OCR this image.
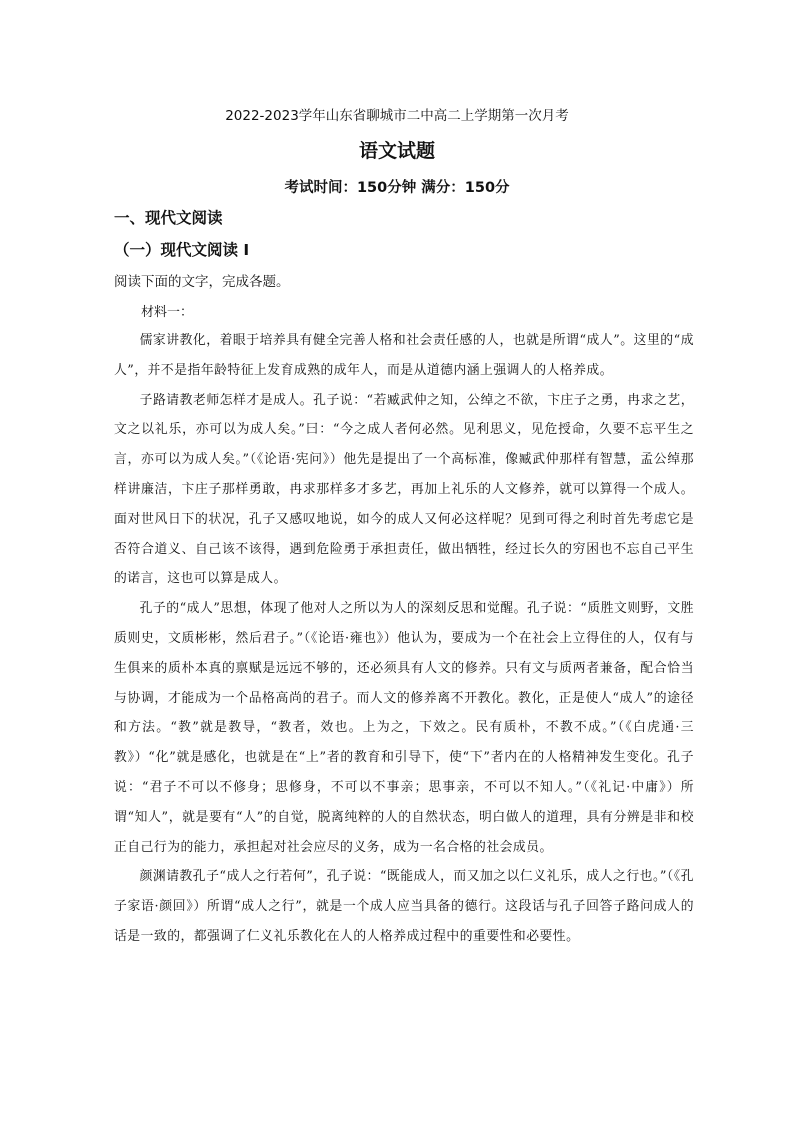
2022-2023学年山东省聊城市二中高二上学期第一次月考
语文试题
考试时间：150分钟 满分：150分
一、现代文阅读
（一）现代文阅读 I
阅读下面的文字，完成各题。
材料一：

儒家讲教化，着眼于培养具有健全完善人格和社会责任感的人，也就是所谓“成人”。这里的“成人”，并不是指年龄特征上发育成熟的成年人，而是从道德内涵上强调人的人格养成。

子路请教老师怎样才是成人。孔子说：“若臧武仲之知，公绰之不欲，卞庄子之勇，冉求之艺，文之以礼乐，亦可以为成人矣。”曰：“今之成人者何必然。见利思义，见危授命，久要不忘平生之言，亦可以为成人矣。”（《论语·宪问》）他先是提出了一个高标准，像臧武仲那样有智慧，孟公绰那样讲廉洁，卞庄子那样勇敢，冉求那样多才多艺，再加上礼乐的人文修养，就可以算得一个成人。面对世风日下的状况，孔子又感叹地说，如今的成人又何必这样呢？见到可得之利时首先考虑它是否符合道义、自己该不该得，遇到危险勇于承担责任，做出牺牲，经过长久的穷困也不忘自己平生的诺言，这也可以算是成人。

孔子的“成人”思想，体现了他对人之所以为人的深刻反思和觉醒。孔子说：“质胜文则野，文胜质则史，文质彬彬，然后君子。”（《论语·雍也》）他认为，要成为一个在社会上立得住的人，仅有与生俱来的质朴本真的禀赋是远远不够的，还必须具有人文的修养。只有文与质两者兼备，配合恰当与协调，才能成为一个品格高尚的君子。而人文的修养离不开教化。教化，正是使人“成人”的途径和方法。“教”就是教导，“教者，效也。上为之，下效之。民有质朴，不教不成。”（《白虎通·三教》）“化”就是感化，也就是在“上”者的教育和引导下，使“下”者内在的人格精神发生变化。孔子说：“君子不可以不修身；思修身，不可以不事亲；思事亲，不可以不知人。”（《礼记·中庸》）所谓“知人”，就是要有“人”的自觉，脱离纯粹的人的自然状态，明白做人的道理，具有分辨是非和校正自己行为的能力，承担起对社会应尽的义务，成为一名合格的社会成员。

颜渊请教孔子“成人之行若何”，孔子说：“既能成人，而又加之以仁义礼乐，成人之行也。”（《孔子家语·颜回》）所谓“成人之行”，就是一个成人应当具备的德行。这段话与孔子回答子路问成人的话是一致的，都强调了仁义礼乐教化在人的人格养成过程中的重要性和必要性。
